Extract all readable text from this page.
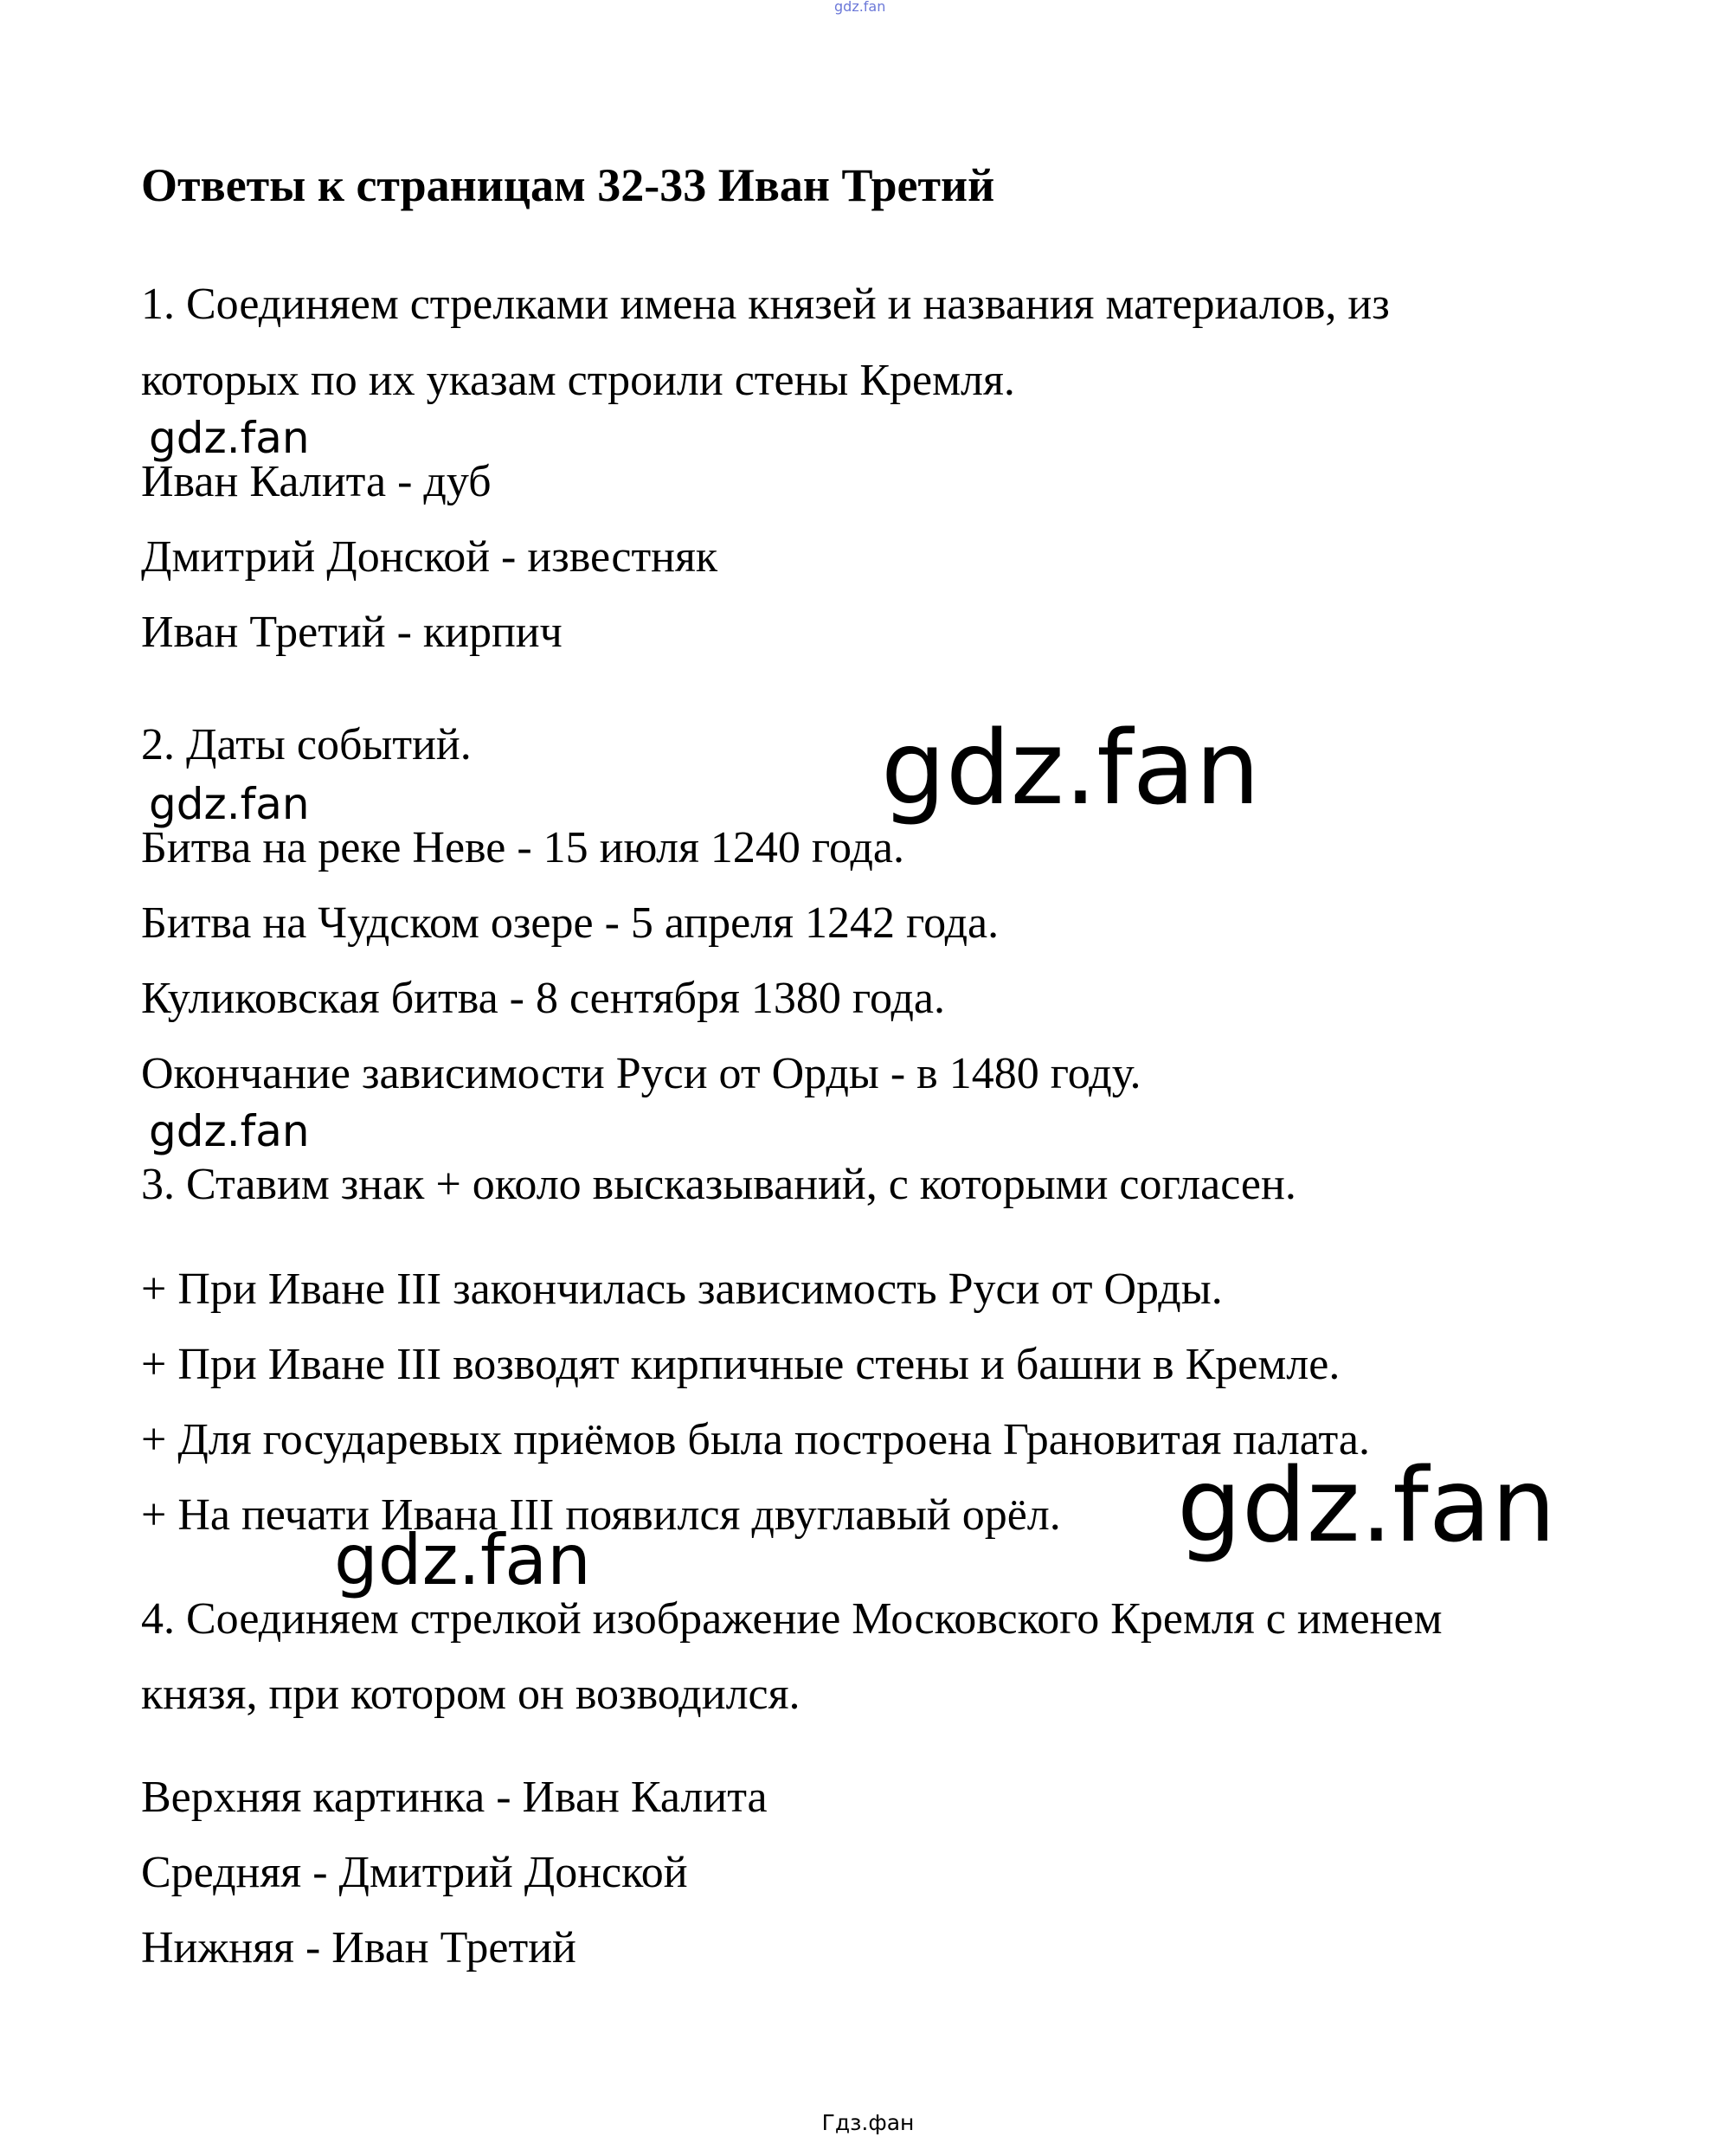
gdz.fan
Ответы к страницам 32-33 Иван Третий
1. Соединяем стрелками имена князей и названия материалов, из
которых по их указам строили стены Кремля.
gdz.fan
Иван Калита - дуб
Дмитрий Донской - известняк
Иван Третий - кирпич
2. Даты событий.	gdz.fan
gdz.fan
Битва на реке Неве - 15 июля 1240 года.
Битва на Чудском озере - 5 апреля 1242 года.
Куликовская битва - 8 сентября 1380 года.
Окончание зависимости Руси от Орды - в 1480 году.
gdz.fan
3. Ставим знак + около высказываний, с которыми согласен.
+ При Иване III закончилась зависимость Руси от Орды.
+ При Иване III возводят кирпичные стены и башни в Кремле.
+ Для государевых приёмов была построена Грановитая палата.
+ На печати Ивана III появился двуглавый орёл. gdz.fan
gdz.fan
4. Соединяем стрелкой изображение Московского Кремля с именем
князя, при котором он возводился.
Верхняя картинка - Иван Калита
Средняя - Дмитрий Донской
Нижняя - Иван Третий
Гдз.фан
